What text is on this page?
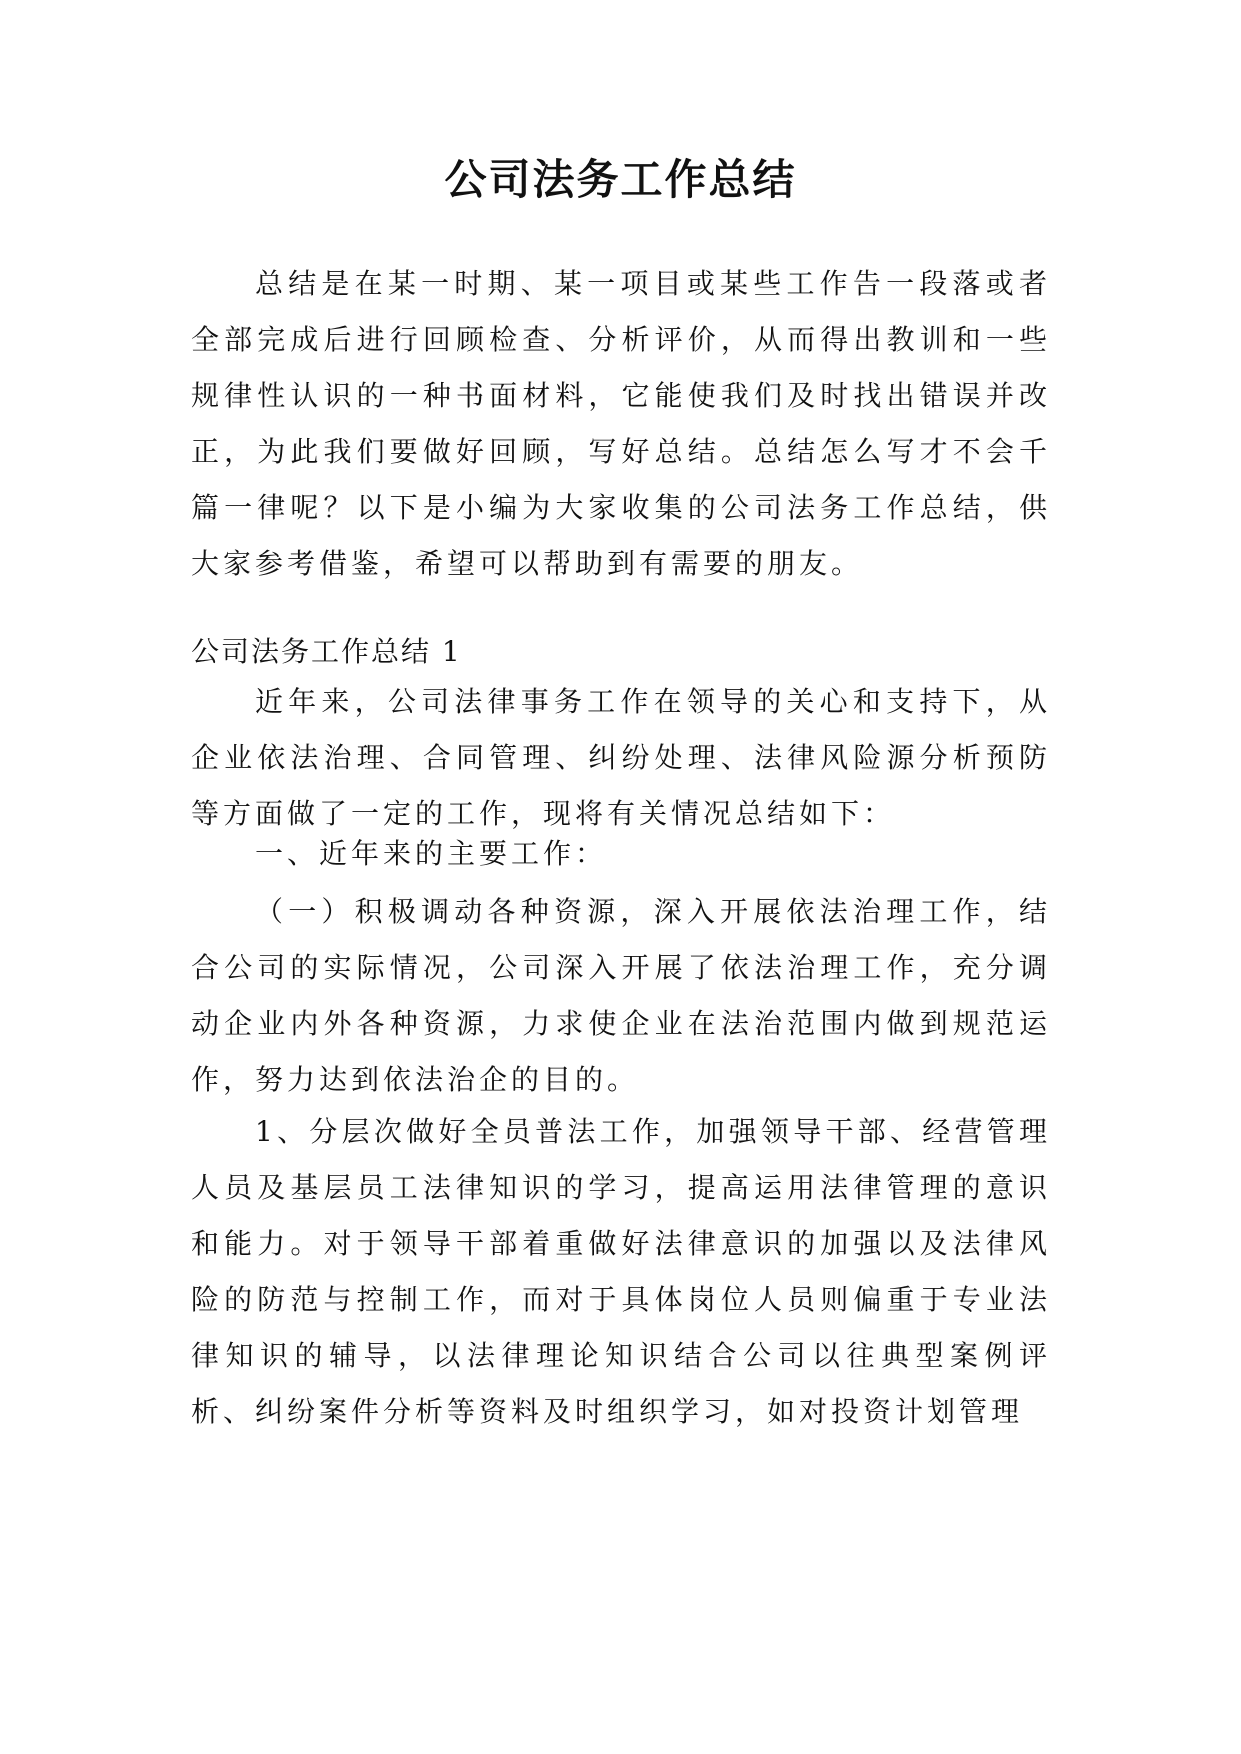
公司法务工作总结

总结是在某一时期、某一项目或某些工作告一段落或者全部完成后进行回顾检查、分析评价，从而得出教训和一些规律性认识的一种书面材料，它能使我们及时找出错误并改正，为此我们要做好回顾，写好总结。总结怎么写才不会千篇一律呢？以下是小编为大家收集的公司法务工作总结，供大家参考借鉴，希望可以帮助到有需要的朋友。

公司法务工作总结 1

近年来，公司法律事务工作在领导的关心和支持下，从企业依法治理、合同管理、纠纷处理、法律风险源分析预防等方面做了一定的工作，现将有关情况总结如下：

一、近年来的主要工作：

（一）积极调动各种资源，深入开展依法治理工作，结合公司的实际情况，公司深入开展了依法治理工作，充分调动企业内外各种资源，力求使企业在法治范围内做到规范运作，努力达到依法治企的目的。

1、分层次做好全员普法工作，加强领导干部、经营管理人员及基层员工法律知识的学习，提高运用法律管理的意识和能力。对于领导干部着重做好法律意识的加强以及法律风险的防范与控制工作，而对于具体岗位人员则偏重于专业法律知识的辅导，以法律理论知识结合公司以往典型案例评析、纠纷案件分析等资料及时组织学习，如对投资计划管理
